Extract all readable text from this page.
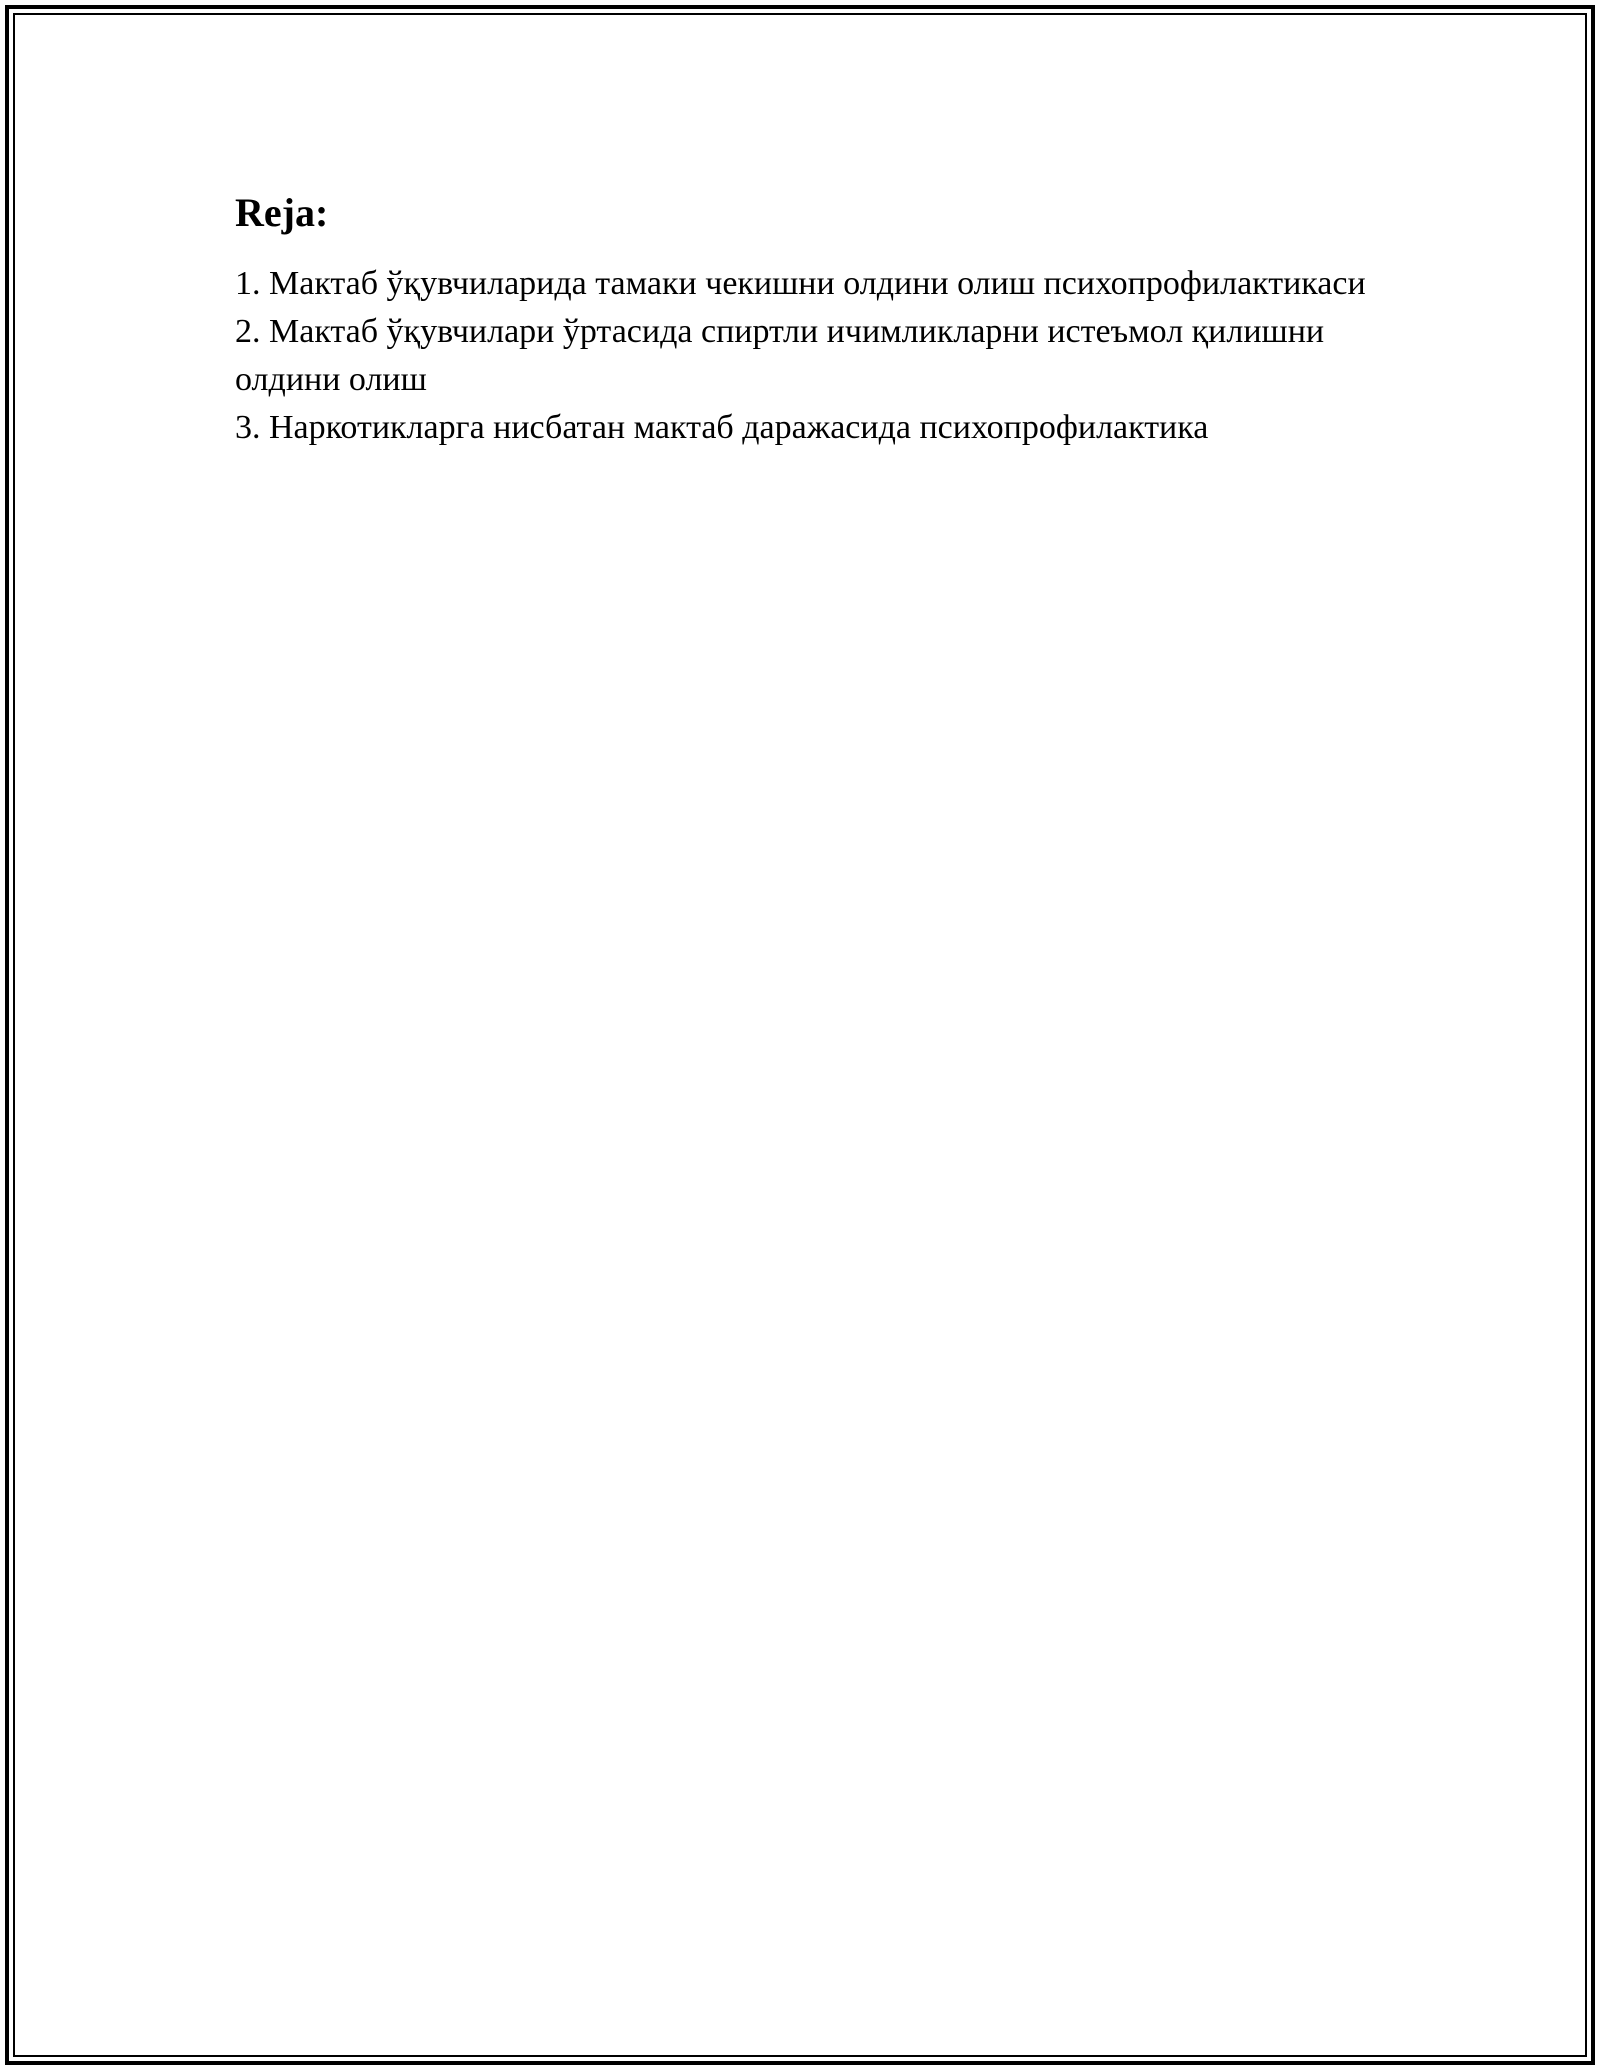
Reja:
1. Мактаб ўқувчиларида тамаки чекишни олдини олиш психопрофилактикаси
2. Мактаб ўқувчилари ўртасида спиртли ичимликларни истеъмол қилишни олдини олиш
3. Наркотикларга нисбатан мактаб даражасида психопрофилактика
